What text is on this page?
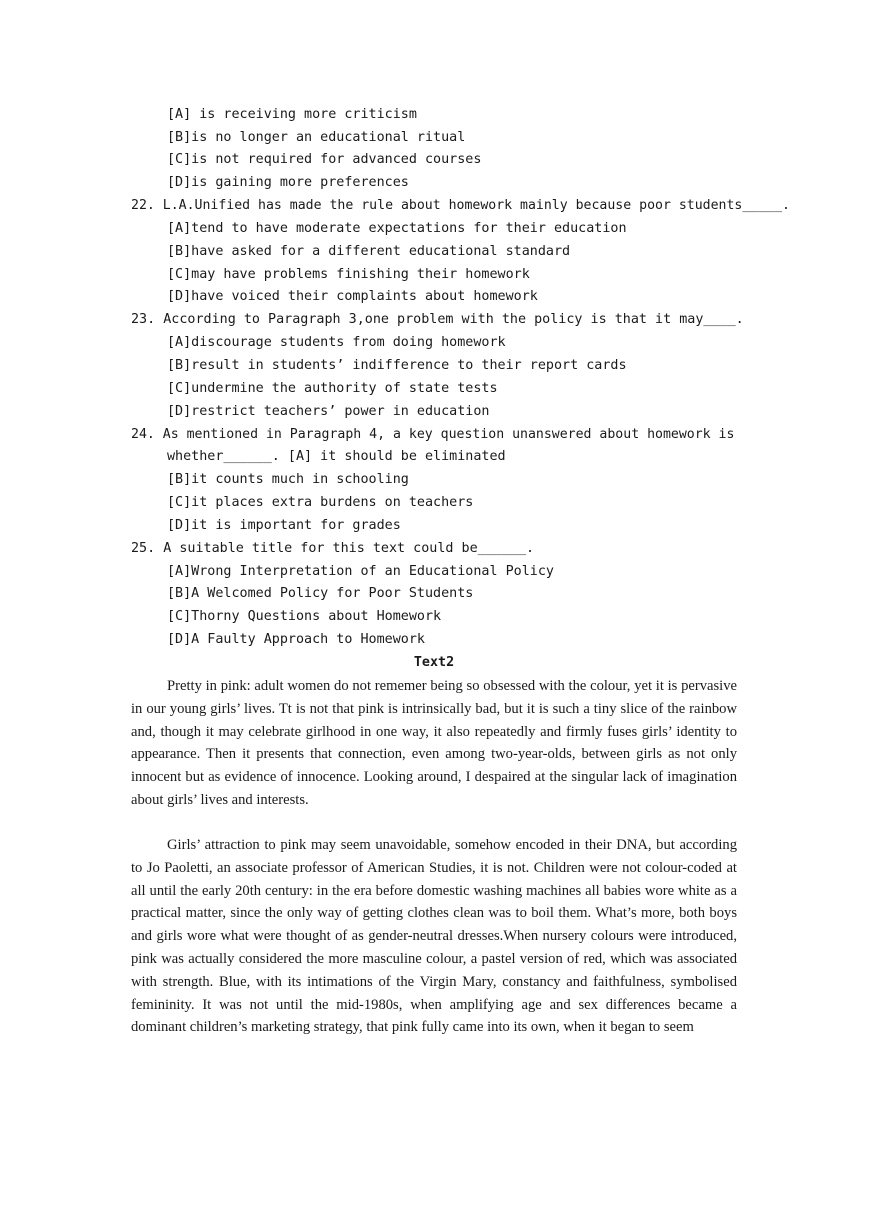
[A] is receiving more criticism
[B]is no longer an educational ritual
[C]is not required for advanced courses
[D]is gaining more preferences
22. L.A.Unified has made the rule about homework mainly because poor students_____.
[A]tend to have moderate expectations for their education
[B]have asked for a different educational standard
[C]may have problems finishing their homework
[D]have voiced their complaints about homework
23. According to Paragraph 3,one problem with the policy is that it may____.
[A]discourage students from doing homework
[B]result in students’ indifference to their report cards
[C]undermine the authority of state tests
[D]restrict teachers’ power in education
24. As mentioned in Paragraph 4, a key question unanswered about homework is
whether______. [A] it should be eliminated
[B]it counts much in schooling
[C]it places extra burdens on teachers
[D]it is important for grades
25. A suitable title for this text could be______.
[A]Wrong Interpretation of an Educational Policy
[B]A Welcomed Policy for Poor Students
[C]Thorny Questions about Homework
[D]A Faulty Approach to Homework
Text2

Pretty in pink: adult women do not rememer being so obsessed with the colour, yet it is pervasive in our young girls’ lives. Tt is not that pink is intrinsically bad, but it is such a tiny slice of the rainbow and, though it may celebrate girlhood in one way, it also repeatedly and firmly fuses girls’ identity to appearance. Then it presents that connection, even among two-year-olds, between girls as not only innocent but as evidence of innocence. Looking around, I despaired at the singular lack of imagination about girls’ lives and interests.

Girls’ attraction to pink may seem unavoidable, somehow encoded in their DNA, but according to Jo Paoletti, an associate professor of American Studies, it is not. Children were not colour-coded at all until the early 20th century: in the era before domestic washing machines all babies wore white as a practical matter, since the only way of getting clothes clean was to boil them. What’s more, both boys and girls wore what were thought of as gender-neutral dresses.When nursery colours were introduced, pink was actually considered the more masculine colour, a pastel version of red, which was associated with strength. Blue, with its intimations of the Virgin Mary, constancy and faithfulness, symbolised femininity. It was not until the mid-1980s, when amplifying age and sex differences became a dominant children’s marketing strategy, that pink fully came into its own, when it began to seem
